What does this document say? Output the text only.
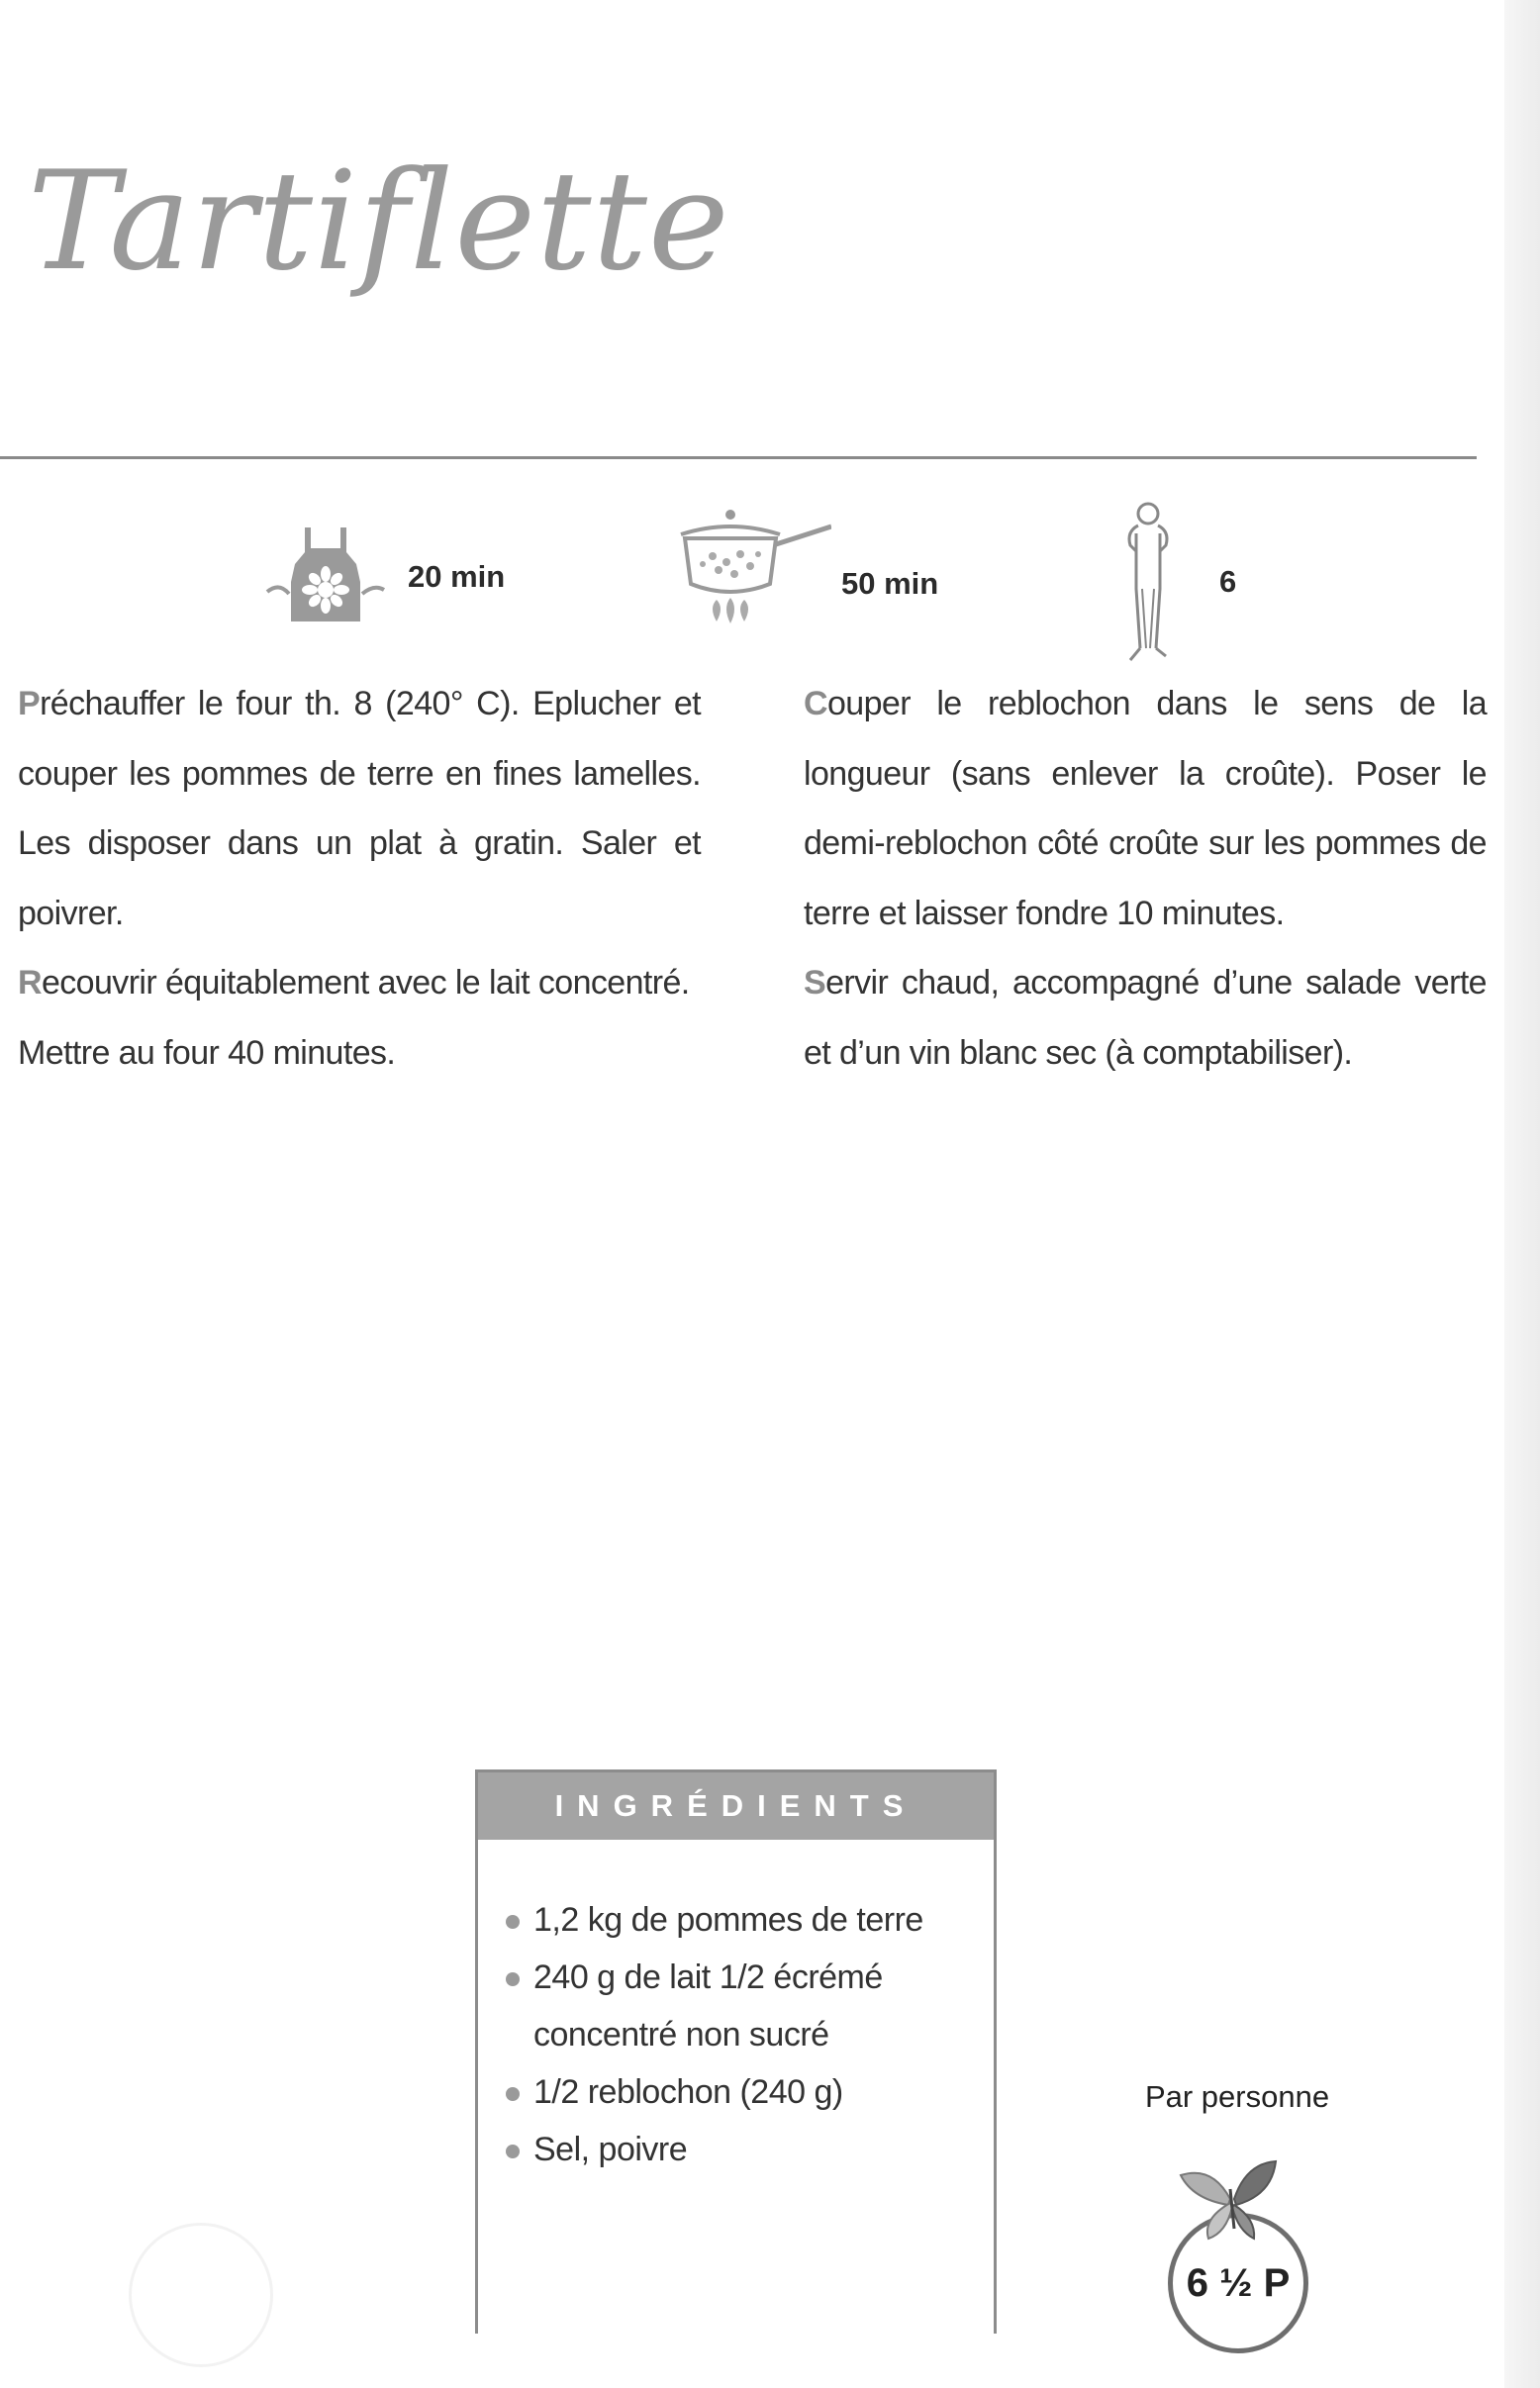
Tartiflette
20 min	50 min	6

Préchauffer le four th. 8 (240° C). Eplucher et couper les pommes de terre en fines lamelles. Les disposer dans un plat à gratin. Saler et poivrer.

Recouvrir équitablement avec le lait concentré. Mettre au four 40 minutes.

Couper le reblochon dans le sens de la longueur (sans enlever la croûte). Poser le demi-reblochon côté croûte sur les pommes de terre et laisser fondre 10 minutes.

Servir chaud, accompagné d’une salade verte et d’un vin blanc sec (à comptabiliser).

INGRÉDIENTS
1,2 kg de pommes de terre
240 g de lait 1/2 écrémé concentré non sucré
1/2 reblochon (240 g)
Sel, poivre
Par personne
6 ½ P
